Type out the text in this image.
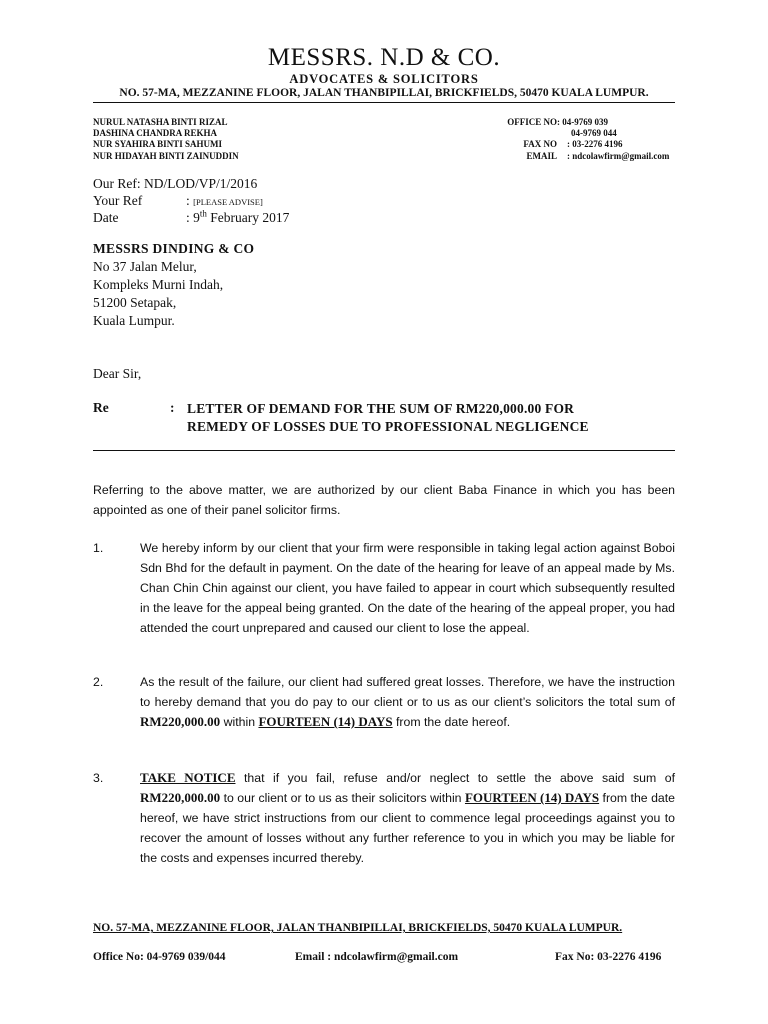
MESSRS. N.D & CO.
ADVOCATES & SOLICITORS
NO. 57-MA, MEZZANINE FLOOR, JALAN THANBIPILLAI, BRICKFIELDS, 50470 KUALA LUMPUR.
NURUL NATASHA BINTI RIZAL
DASHINA CHANDRA REKHA
NUR SYAHIRA BINTI SAHUMI
NUR HIDAYAH BINTI ZAINUDDIN
OFFICE NO : 04-9769 039
04-9769 044
FAX NO	: 03-2276 4196
EMAIL	: ndcolawfirm@gmail.com
Our Ref: ND/LOD/VP/1/2016
Your Ref	: [PLEASE ADVISE]
Date	: 9th February 2017
MESSRS DINDING & CO
No 37 Jalan Melur,
Kompleks Murni Indah,
51200 Setapak,
Kuala Lumpur.
Dear Sir,
Re	: LETTER OF DEMAND FOR THE SUM OF RM220,000.00 FOR
REMEDY OF LOSSES DUE TO PROFESSIONAL NEGLIGENCE
Referring to the above matter, we are authorized by our client Baba Finance in which you has been appointed as one of their panel solicitor firms.
1.	We hereby inform by our client that your firm were responsible in taking legal action against Boboi Sdn Bhd for the default in payment. On the date of the hearing for leave of an appeal made by Ms. Chan Chin Chin against our client, you have failed to appear in court which subsequently resulted in the leave for the appeal being granted. On the date of the hearing of the appeal proper, you had attended the court unprepared and caused our client to lose the appeal.
2.	As the result of the failure, our client had suffered great losses. Therefore, we have the instruction to hereby demand that you do pay to our client or to us as our client’s solicitors the total sum of RM220,000.00 within FOURTEEN (14) DAYS from the date hereof.
3.	TAKE NOTICE that if you fail, refuse and/or neglect to settle the above said sum of RM220,000.00 to our client or to us as their solicitors within FOURTEEN (14) DAYS from the date hereof, we have strict instructions from our client to commence legal proceedings against you to recover the amount of losses without any further reference to you in which you may be liable for the costs and expenses incurred thereby.
NO. 57-MA, MEZZANINE FLOOR, JALAN THANBIPILLAI, BRICKFIELDS, 50470 KUALA LUMPUR.
Office No: 04-9769 039/044	Email : ndcolawfirm@gmail.com	Fax No: 03-2276 4196
